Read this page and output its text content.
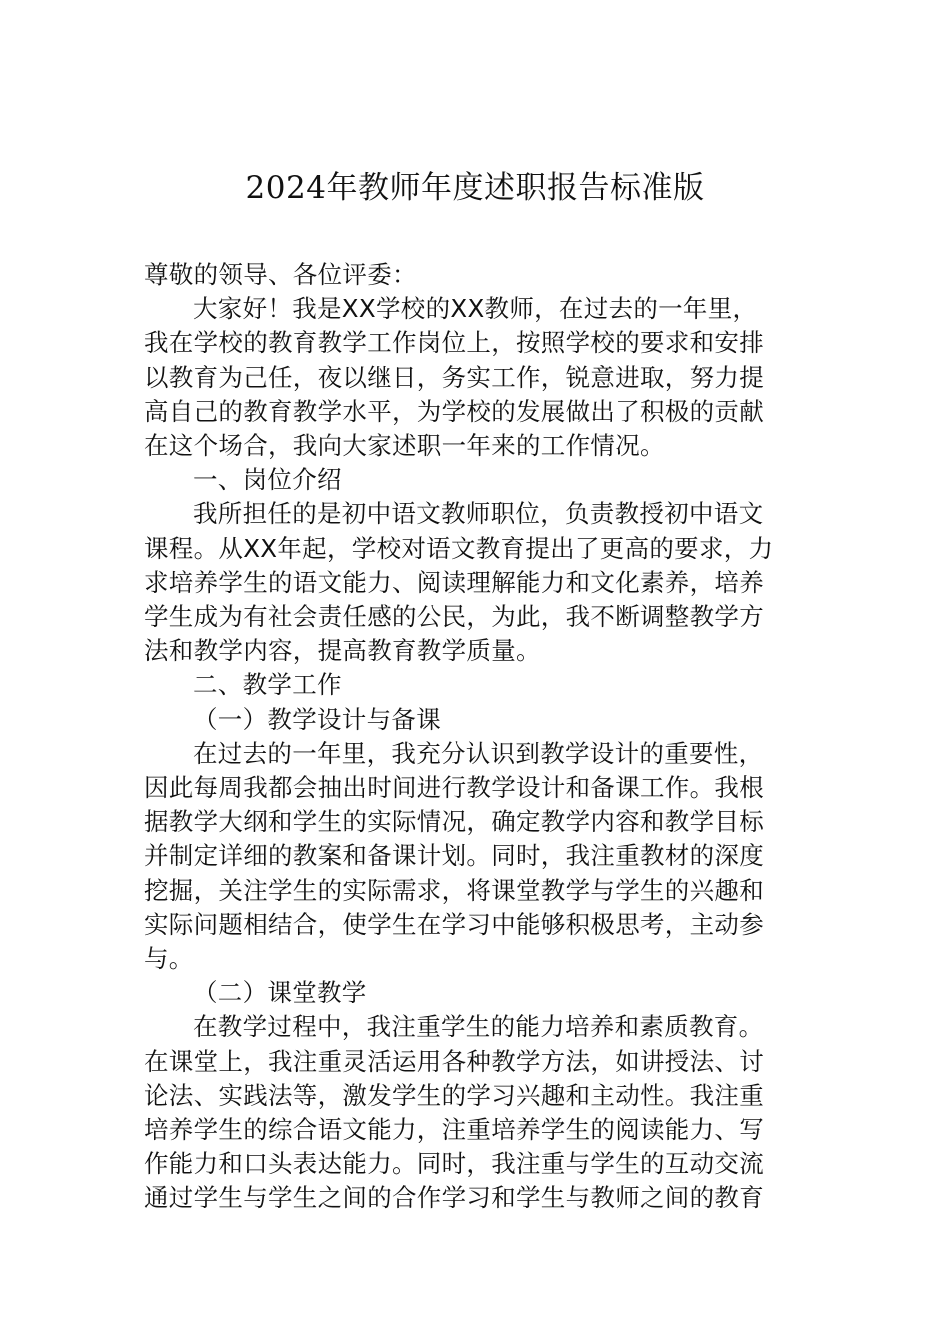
2024年教师年度述职报告标准版

尊敬的领导、各位评委：

大家好！我是XX学校的XX教师，在过去的一年里，
我在学校的教育教学工作岗位上，按照学校的要求和安排
以教育为己任，夜以继日，务实工作，锐意进取，努力提
高自己的教育教学水平，为学校的发展做出了积极的贡献
在这个场合，我向大家述职一年来的工作情况。

一、岗位介绍

我所担任的是初中语文教师职位，负责教授初中语文
课程。从XX年起，学校对语文教育提出了更高的要求，力
求培养学生的语文能力、阅读理解能力和文化素养，培养
学生成为有社会责任感的公民，为此，我不断调整教学方
法和教学内容，提高教育教学质量。

二、教学工作

（一）教学设计与备课

在过去的一年里，我充分认识到教学设计的重要性，
因此每周我都会抽出时间进行教学设计和备课工作。我根
据教学大纲和学生的实际情况，确定教学内容和教学目标
并制定详细的教案和备课计划。同时，我注重教材的深度
挖掘，关注学生的实际需求，将课堂教学与学生的兴趣和
实际问题相结合，使学生在学习中能够积极思考，主动参
与。

（二）课堂教学

在教学过程中，我注重学生的能力培养和素质教育。
在课堂上，我注重灵活运用各种教学方法，如讲授法、讨
论法、实践法等，激发学生的学习兴趣和主动性。我注重
培养学生的综合语文能力，注重培养学生的阅读能力、写
作能力和口头表达能力。同时，我注重与学生的互动交流
通过学生与学生之间的合作学习和学生与教师之间的教育
